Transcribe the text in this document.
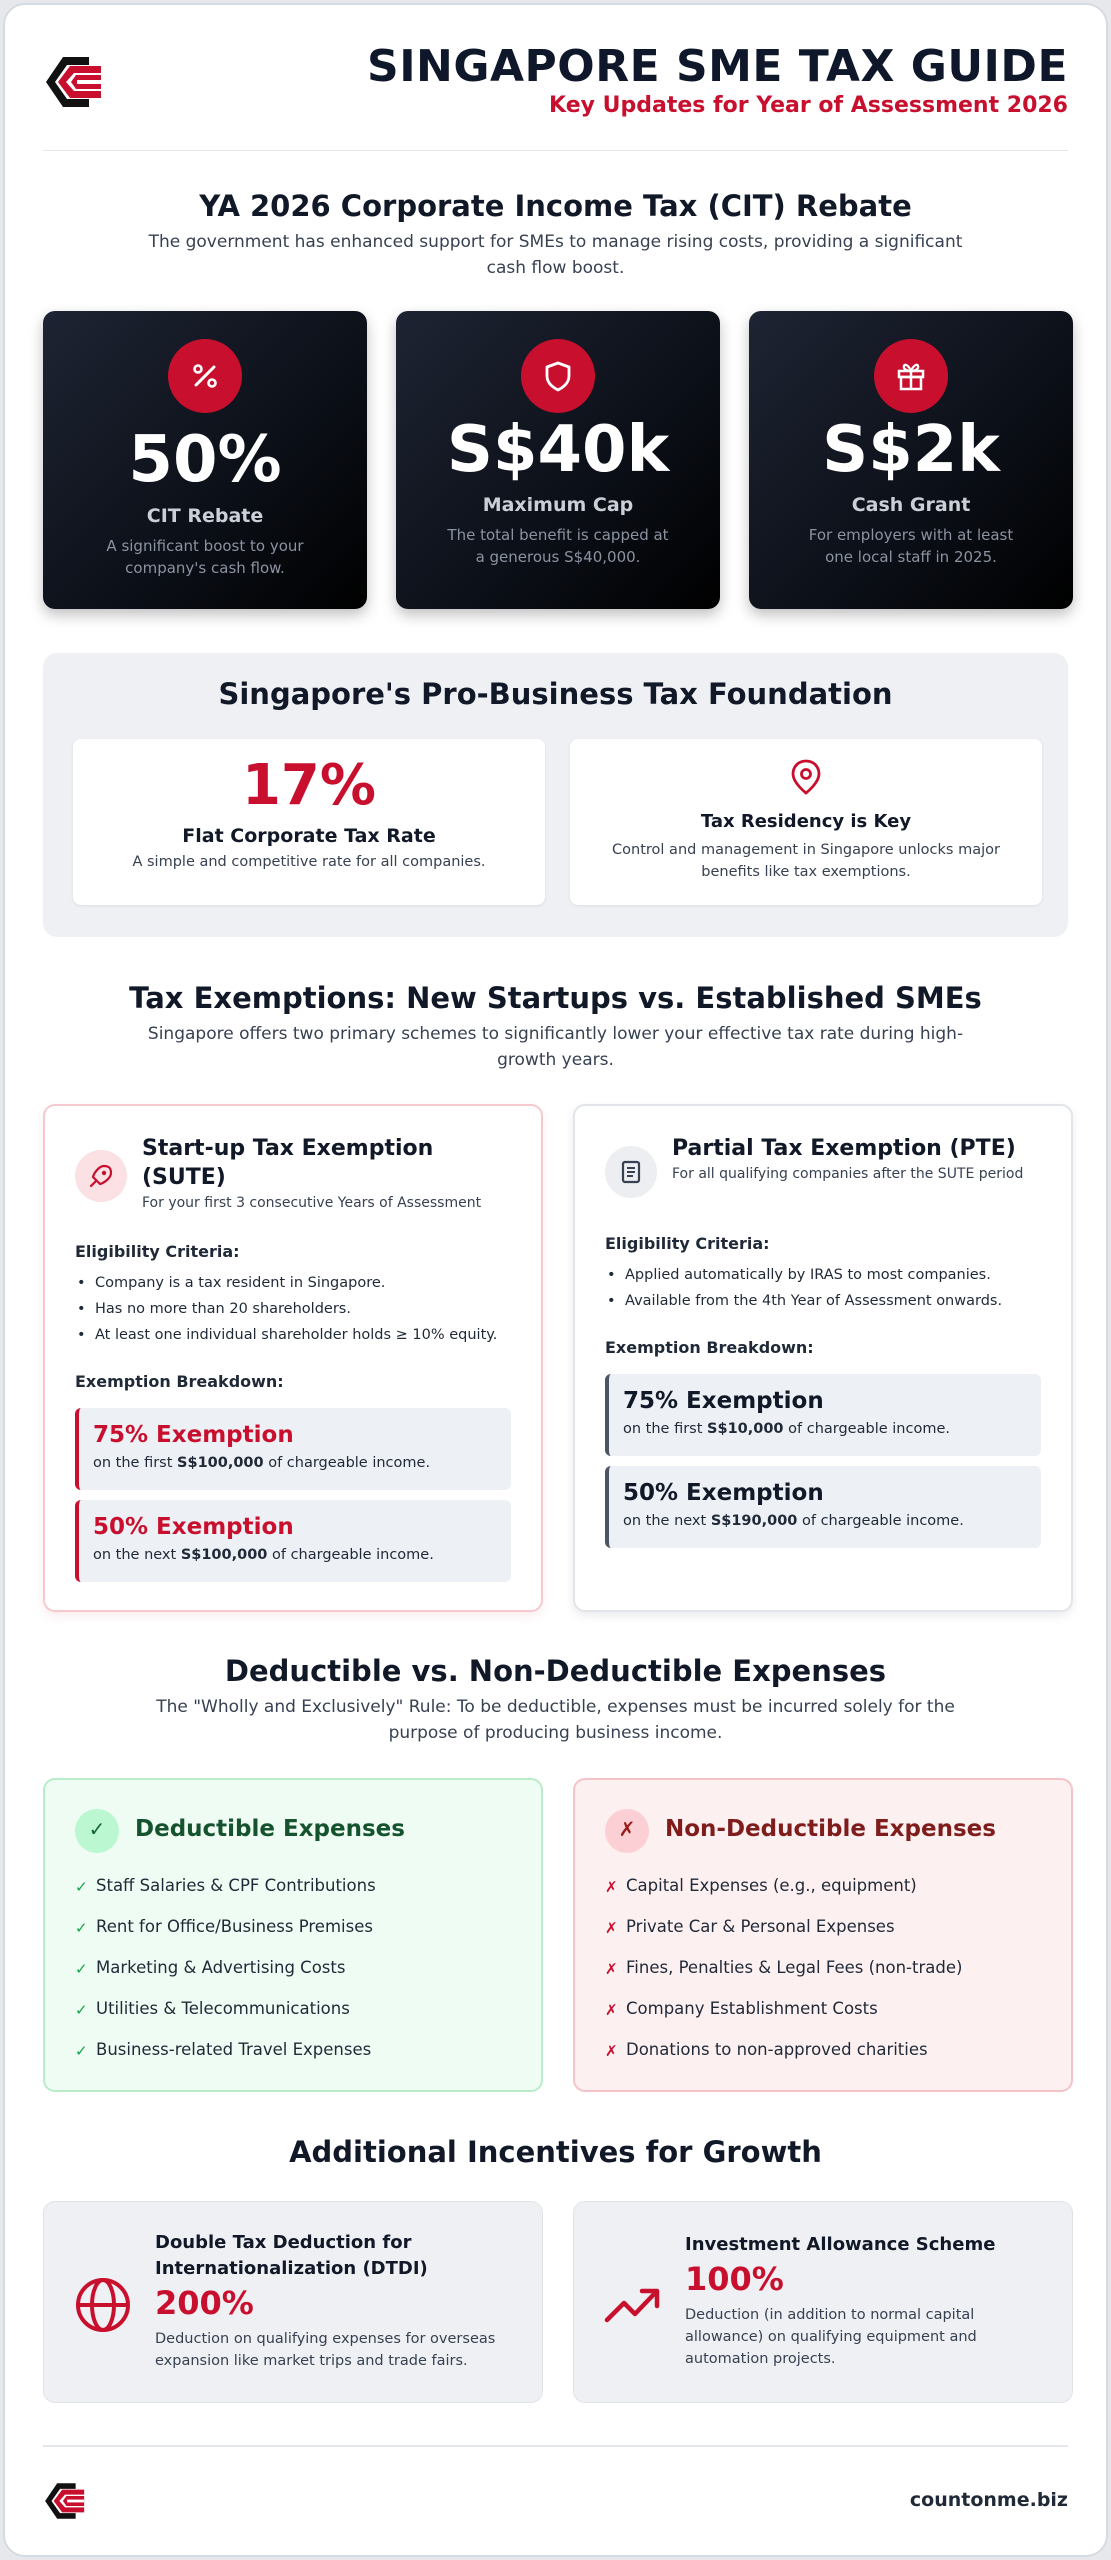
SINGAPORE SME TAX GUIDE
Key Updates for Year of Assessment 2026
YA 2026 Corporate Income Tax (CIT) Rebate
The government has enhanced support for SMEs to manage rising costs, providing a significant cash flow boost.
50%
CIT Rebate
A significant boost to your company's cash flow.
S$40k
Maximum Cap
The total benefit is capped at a generous S$40,000.
S$2k
Cash Grant
For employers with at least one local staff in 2025.
Singapore's Pro-Business Tax Foundation
17%
Flat Corporate Tax Rate
A simple and competitive rate for all companies.
Tax Residency is Key
Control and management in Singapore unlocks major benefits like tax exemptions.
Tax Exemptions: New Startups vs. Established SMEs
Singapore offers two primary schemes to significantly lower your effective tax rate during high-growth years.
Start-up Tax Exemption (SUTE)
For your first 3 consecutive Years of Assessment
Eligibility Criteria:
• Company is a tax resident in Singapore.
• Has no more than 20 shareholders.
• At least one individual shareholder holds ≥ 10% equity.
Exemption Breakdown:
75% Exemption
on the first S$100,000 of chargeable income.
50% Exemption
on the next S$100,000 of chargeable income.
Partial Tax Exemption (PTE)
For all qualifying companies after the SUTE period
Eligibility Criteria:
• Applied automatically by IRAS to most companies.
• Available from the 4th Year of Assessment onwards.
Exemption Breakdown:
75% Exemption
on the first S$10,000 of chargeable income.
50% Exemption
on the next S$190,000 of chargeable income.
Deductible vs. Non-Deductible Expenses
The "Wholly and Exclusively" Rule: To be deductible, expenses must be incurred solely for the purpose of producing business income.
✓	Deductible Expenses
✓ Staff Salaries & CPF Contributions
✓ Rent for Office/Business Premises
✓ Marketing & Advertising Costs
✓ Utilities & Telecommunications
✓ Business-related Travel Expenses
✗	Non-Deductible Expenses
✗ Capital Expenses (e.g., equipment)
✗ Private Car & Personal Expenses
✗ Fines, Penalties & Legal Fees (non-trade)
✗ Company Establishment Costs
✗ Donations to non-approved charities
Additional Incentives for Growth
Double Tax Deduction for Internationalization (DTDI)
200%
Deduction on qualifying expenses for overseas expansion like market trips and trade fairs.
Investment Allowance Scheme
100%
Deduction (in addition to normal capital allowance) on qualifying equipment and automation projects.
countonme.biz
